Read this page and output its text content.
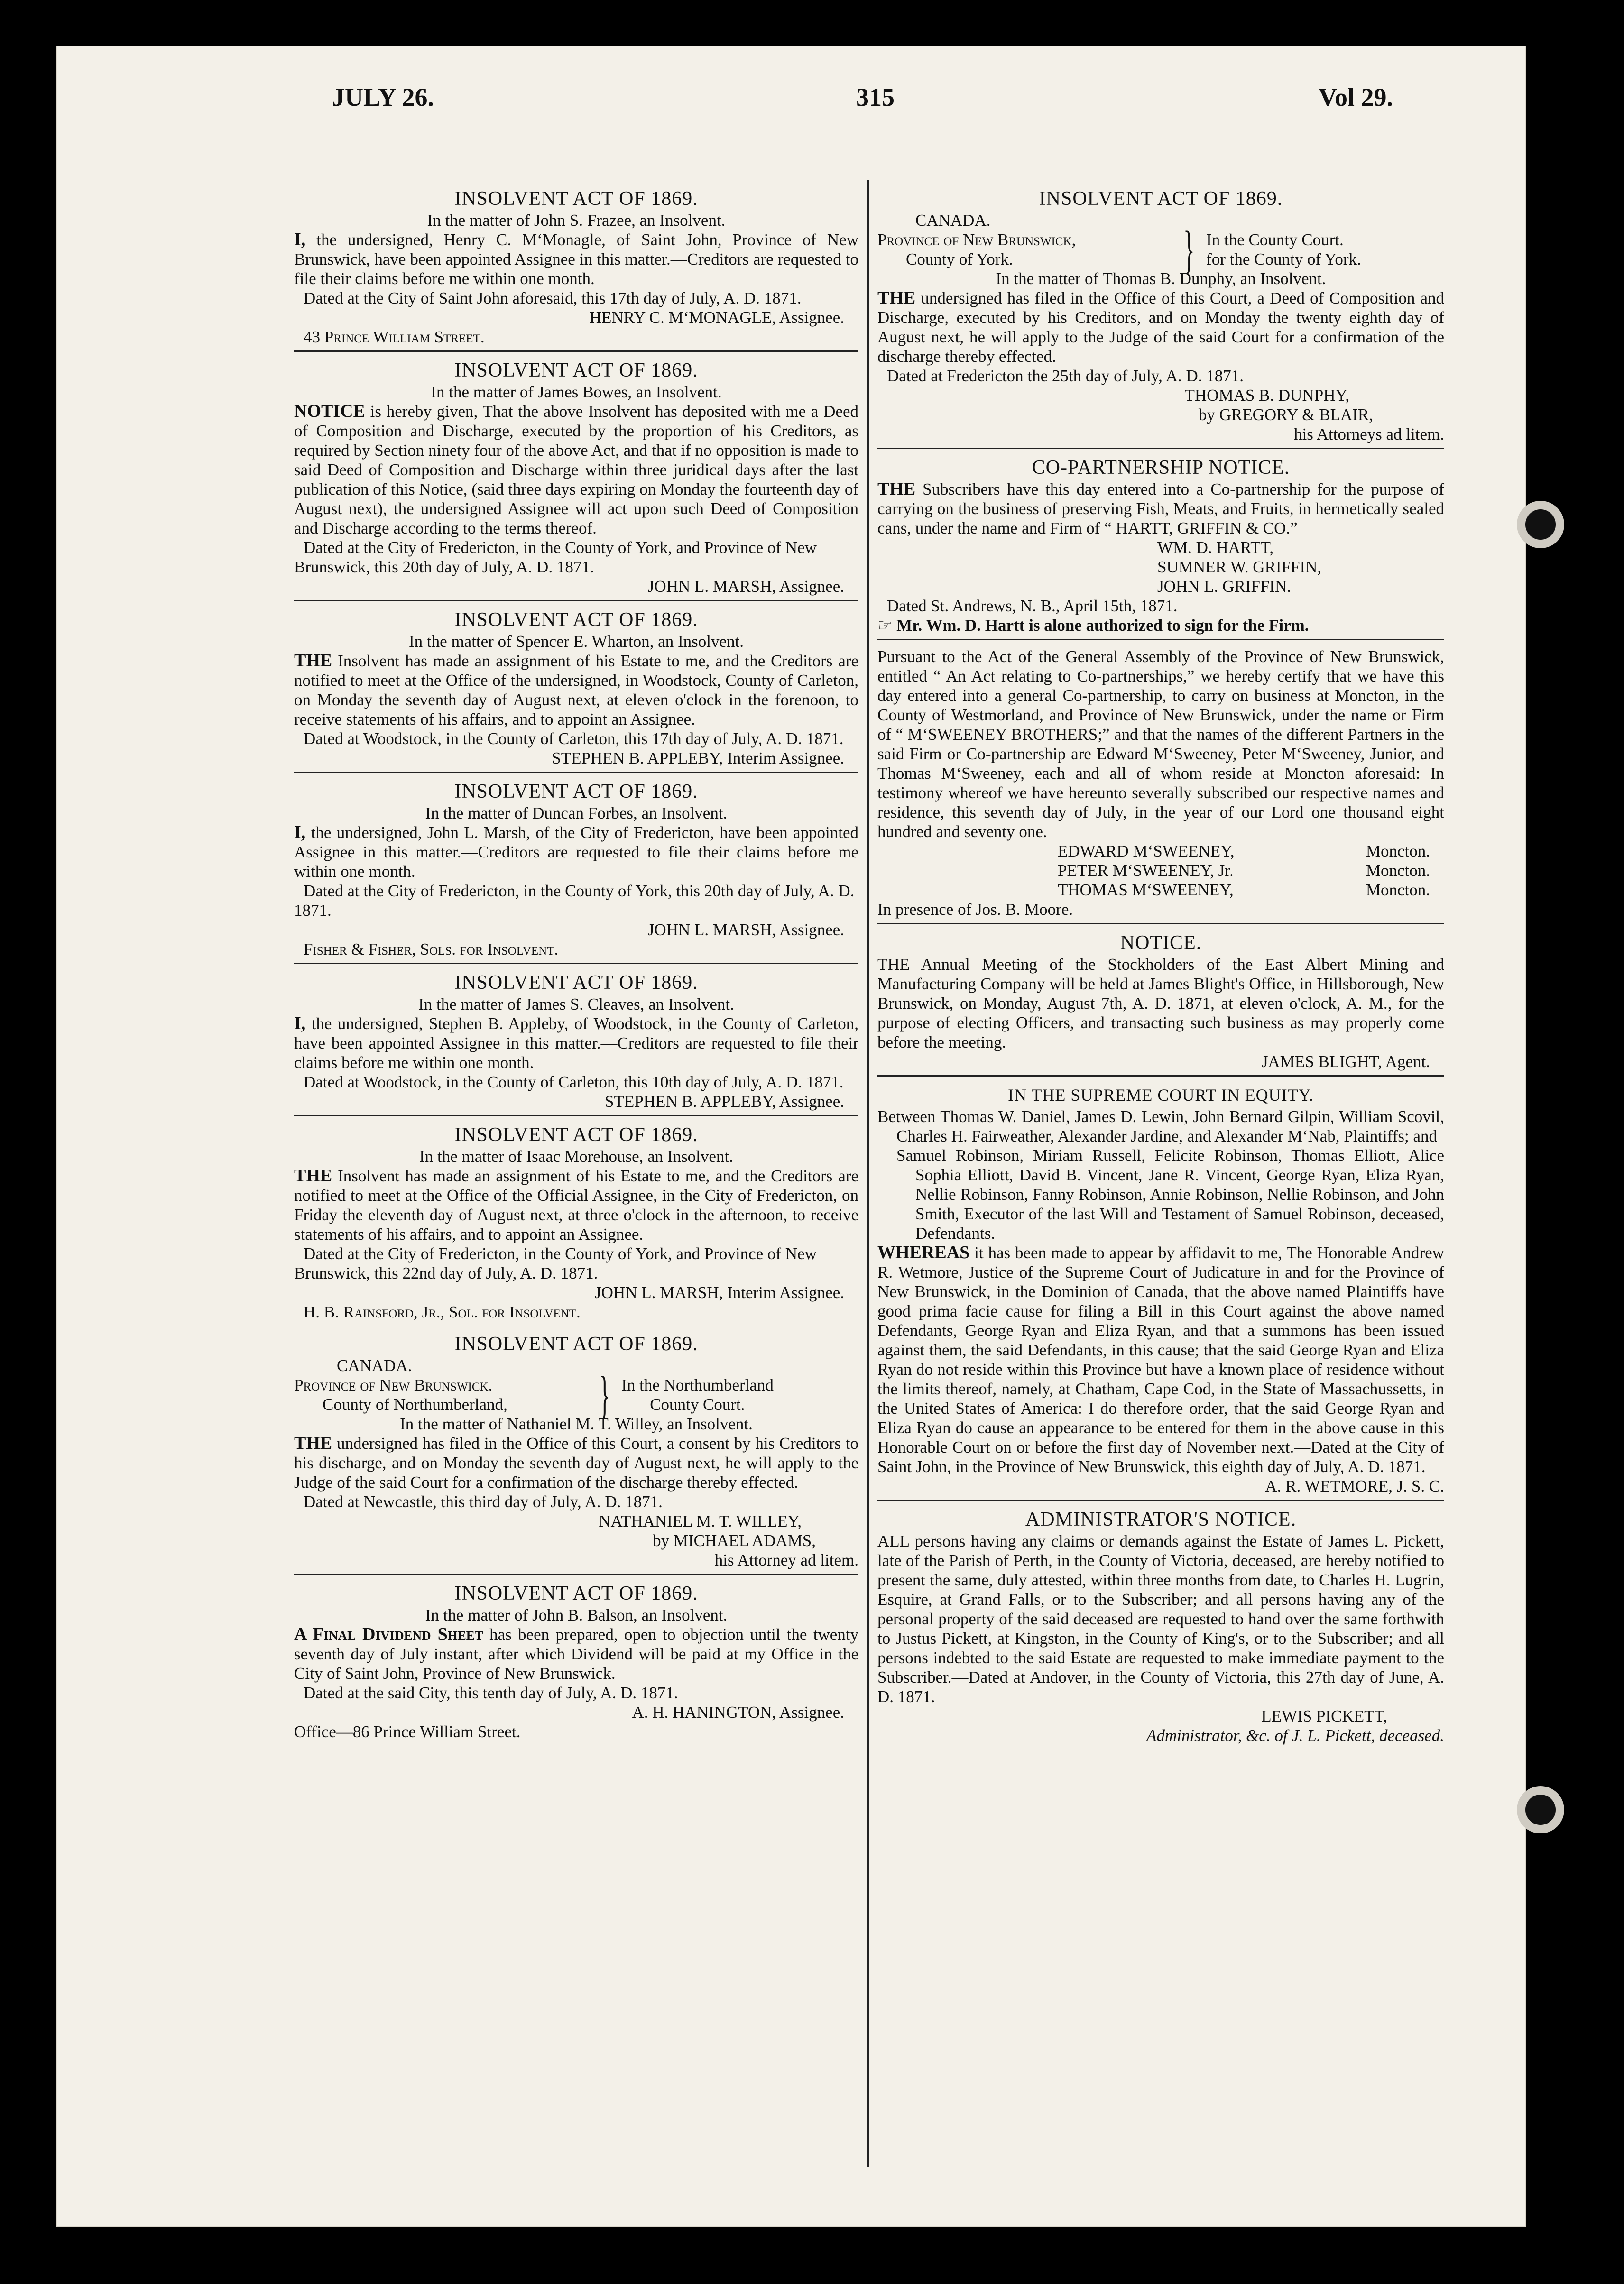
JULY 26.	315	Vol 29.
INSOLVENT ACT OF 1869.
In the matter of John S. Frazee, an Insolvent.
I, the undersigned, Henry C. M‘Monagle, of Saint John, Province of New Brunswick, have been appointed Assignee in this matter.—Creditors are requested to file their claims before me within one month.
Dated at the City of Saint John aforesaid, this 17th day of July, A. D. 1871.
HENRY C. M‘MONAGLE, Assignee.
43 Prince William Street.
INSOLVENT ACT OF 1869.
In the matter of James Bowes, an Insolvent.
NOTICE is hereby given, That the above Insolvent has deposited with me a Deed of Composition and Discharge, executed by the proportion of his Creditors, as required by Section ninety four of the above Act, and that if no opposition is made to said Deed of Composition and Discharge within three juridical days after the last publication of this Notice, (said three days expiring on Monday the fourteenth day of August next), the undersigned Assignee will act upon such Deed of Composition and Discharge according to the terms thereof.
Dated at the City of Fredericton, in the County of York, and Province of New Brunswick, this 20th day of July, A. D. 1871.
JOHN L. MARSH, Assignee.
INSOLVENT ACT OF 1869.
In the matter of Spencer E. Wharton, an Insolvent.
THE Insolvent has made an assignment of his Estate to me, and the Creditors are notified to meet at the Office of the undersigned, in Woodstock, County of Carleton, on Monday the seventh day of August next, at eleven o'clock in the forenoon, to receive statements of his affairs, and to appoint an Assignee.
Dated at Woodstock, in the County of Carleton, this 17th day of July, A. D. 1871.
STEPHEN B. APPLEBY, Interim Assignee.
INSOLVENT ACT OF 1869.
In the matter of Duncan Forbes, an Insolvent.
I, the undersigned, John L. Marsh, of the City of Fredericton, have been appointed Assignee in this matter.—Creditors are requested to file their claims before me within one month.
Dated at the City of Fredericton, in the County of York, this 20th day of July, A. D. 1871.
JOHN L. MARSH, Assignee.
Fisher & Fisher, Sols. for Insolvent.
INSOLVENT ACT OF 1869.
In the matter of James S. Cleaves, an Insolvent.
I, the undersigned, Stephen B. Appleby, of Woodstock, in the County of Carleton, have been appointed Assignee in this matter.—Creditors are requested to file their claims before me within one month.
Dated at Woodstock, in the County of Carleton, this 10th day of July, A. D. 1871.
STEPHEN B. APPLEBY, Assignee.
INSOLVENT ACT OF 1869.
In the matter of Isaac Morehouse, an Insolvent.
THE Insolvent has made an assignment of his Estate to me, and the Creditors are notified to meet at the Office of the Official Assignee, in the City of Fredericton, on Friday the eleventh day of August next, at three o'clock in the afternoon, to receive statements of his affairs, and to appoint an Assignee.
Dated at the City of Fredericton, in the County of York, and Province of New Brunswick, this 22nd day of July, A. D. 1871.
JOHN L. MARSH, Interim Assignee.
H. B. Rainsford, Jr., Sol. for Insolvent.
INSOLVENT ACT OF 1869.
CANADA.
Province of New Brunswick.
County of Northumberland,	} In the Northumberland
County Court.
In the matter of Nathaniel M. T. Willey, an Insolvent.
THE undersigned has filed in the Office of this Court, a consent by his Creditors to his discharge, and on Monday the seventh day of August next, he will apply to the Judge of the said Court for a confirmation of the discharge thereby effected.
Dated at Newcastle, this third day of July, A. D. 1871.
NATHANIEL M. T. WILLEY,
by MICHAEL ADAMS,
his Attorney ad litem.
INSOLVENT ACT OF 1869.
In the matter of John B. Balson, an Insolvent.
A Final Dividend Sheet has been prepared, open to objection until the twenty seventh day of July instant, after which Dividend will be paid at my Office in the City of Saint John, Province of New Brunswick.
Dated at the said City, this tenth day of July, A. D. 1871.
A. H. HANINGTON, Assignee.
Office—86 Prince William Street.
INSOLVENT ACT OF 1869.
CANADA.
Province of New Brunswick,
County of York.	} In the County Court.
for the County of York.
In the matter of Thomas B. Dunphy, an Insolvent.
THE undersigned has filed in the Office of this Court, a Deed of Composition and Discharge, executed by his Creditors, and on Monday the twenty eighth day of August next, he will apply to the Judge of the said Court for a confirmation of the discharge thereby effected.
Dated at Fredericton the 25th day of July, A. D. 1871.
THOMAS B. DUNPHY,
by GREGORY & BLAIR,
his Attorneys ad litem.
CO-PARTNERSHIP NOTICE.
THE Subscribers have this day entered into a Co-partnership for the purpose of carrying on the business of preserving Fish, Meats, and Fruits, in hermetically sealed cans, under the name and Firm of “ HARTT, GRIFFIN & CO.”
WM. D. HARTT,
SUMNER W. GRIFFIN,
JOHN L. GRIFFIN.
Dated St. Andrews, N. B., April 15th, 1871.
☞ Mr. Wm. D. Hartt is alone authorized to sign for the Firm.
Pursuant to the Act of the General Assembly of the Province of New Brunswick, entitled “ An Act relating to Co-partnerships,” we hereby certify that we have this day entered into a general Co-partnership, to carry on business at Moncton, in the County of Westmorland, and Province of New Brunswick, under the name or Firm of “ M‘SWEENEY BROTHERS;” and that the names of the different Partners in the said Firm or Co-partnership are Edward M‘Sweeney, Peter M‘Sweeney, Junior, and Thomas M‘Sweeney, each and all of whom reside at Moncton aforesaid: In testimony whereof we have hereunto severally subscribed our respective names and residence, this seventh day of July, in the year of our Lord one thousand eight hundred and seventy one.
EDWARD M‘SWEENEY,	Moncton.
PETER M‘SWEENEY, Jr.	Moncton.
THOMAS M‘SWEENEY,	Moncton.
In presence of Jos. B. Moore.
NOTICE.
THE Annual Meeting of the Stockholders of the East Albert Mining and Manufacturing Company will be held at James Blight's Office, in Hillsborough, New Brunswick, on Monday, August 7th, A. D. 1871, at eleven o'clock, A. M., for the purpose of electing Officers, and transacting such business as may properly come before the meeting.
JAMES BLIGHT, Agent.
IN THE SUPREME COURT IN EQUITY.
Between Thomas W. Daniel, James D. Lewin, John Bernard Gilpin, William Scovil, Charles H. Fairweather, Alexander Jardine, and Alexander M‘Nab, Plaintiffs; and
Samuel Robinson, Miriam Russell, Felicite Robinson, Thomas Elliott, Alice Sophia Elliott, David B. Vincent, Jane R. Vincent, George Ryan, Eliza Ryan, Nellie Robinson, Fanny Robinson, Annie Robinson, Nellie Robinson, and John Smith, Executor of the last Will and Testament of Samuel Robinson, deceased, Defendants.
WHEREAS it has been made to appear by affidavit to me, The Honorable Andrew R. Wetmore, Justice of the Supreme Court of Judicature in and for the Province of New Brunswick, in the Dominion of Canada, that the above named Plaintiffs have good prima facie cause for filing a Bill in this Court against the above named Defendants, George Ryan and Eliza Ryan, and that a summons has been issued against them, the said Defendants, in this cause; that the said George Ryan and Eliza Ryan do not reside within this Province but have a known place of residence without the limits thereof, namely, at Chatham, Cape Cod, in the State of Massachussetts, in the United States of America: I do therefore order, that the said George Ryan and Eliza Ryan do cause an appearance to be entered for them in the above cause in this Honorable Court on or before the first day of November next.—Dated at the City of Saint John, in the Province of New Brunswick, this eighth day of July, A. D. 1871.
A. R. WETMORE, J. S. C.
ADMINISTRATOR'S NOTICE.
ALL persons having any claims or demands against the Estate of James L. Pickett, late of the Parish of Perth, in the County of Victoria, deceased, are hereby notified to present the same, duly attested, within three months from date, to Charles H. Lugrin, Esquire, at Grand Falls, or to the Subscriber; and all persons having any of the personal property of the said deceased are requested to hand over the same forthwith to Justus Pickett, at Kingston, in the County of King's, or to the Subscriber; and all persons indebted to the said Estate are requested to make immediate payment to the Subscriber.—Dated at Andover, in the County of Victoria, this 27th day of June, A. D. 1871.
LEWIS PICKETT,
Administrator, &c. of J. L. Pickett, deceased.
